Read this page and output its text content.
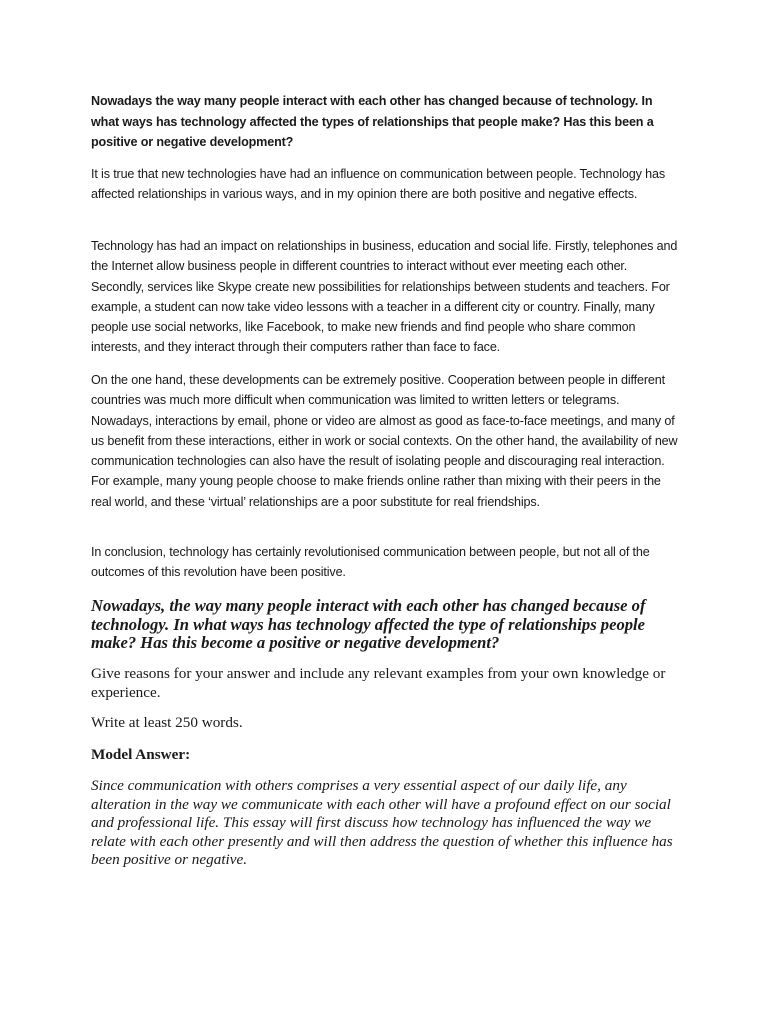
Nowadays the way many people interact with each other has changed because of technology. In what ways has technology affected the types of relationships that people make? Has this been a positive or negative development?

It is true that new technologies have had an influence on communication between people. Technology has affected relationships in various ways, and in my opinion there are both positive and negative effects.

Technology has had an impact on relationships in business, education and social life. Firstly, telephones and the Internet allow business people in different countries to interact without ever meeting each other. Secondly, services like Skype create new possibilities for relationships between students and teachers. For example, a student can now take video lessons with a teacher in a different city or country. Finally, many people use social networks, like Facebook, to make new friends and find people who share common interests, and they interact through their computers rather than face to face.

On the one hand, these developments can be extremely positive. Cooperation between people in different countries was much more difficult when communication was limited to written letters or telegrams. Nowadays, interactions by email, phone or video are almost as good as face-to-face meetings, and many of us benefit from these interactions, either in work or social contexts. On the other hand, the availability of new communication technologies can also have the result of isolating people and discouraging real interaction. For example, many young people choose to make friends online rather than mixing with their peers in the real world, and these ‘virtual’ relationships are a poor substitute for real friendships.

In conclusion, technology has certainly revolutionised communication between people, but not all of the outcomes of this revolution have been positive.

Nowadays, the way many people interact with each other has changed because of technology. In what ways has technology affected the type of relationships people make? Has this become a positive or negative development?

Give reasons for your answer and include any relevant examples from your own knowledge or experience.

Write at least 250 words.

Model Answer:

Since communication with others comprises a very essential aspect of our daily life, any alteration in the way we communicate with each other will have a profound effect on our social and professional life. This essay will first discuss how technology has influenced the way we relate with each other presently and will then address the question of whether this influence has been positive or negative.
